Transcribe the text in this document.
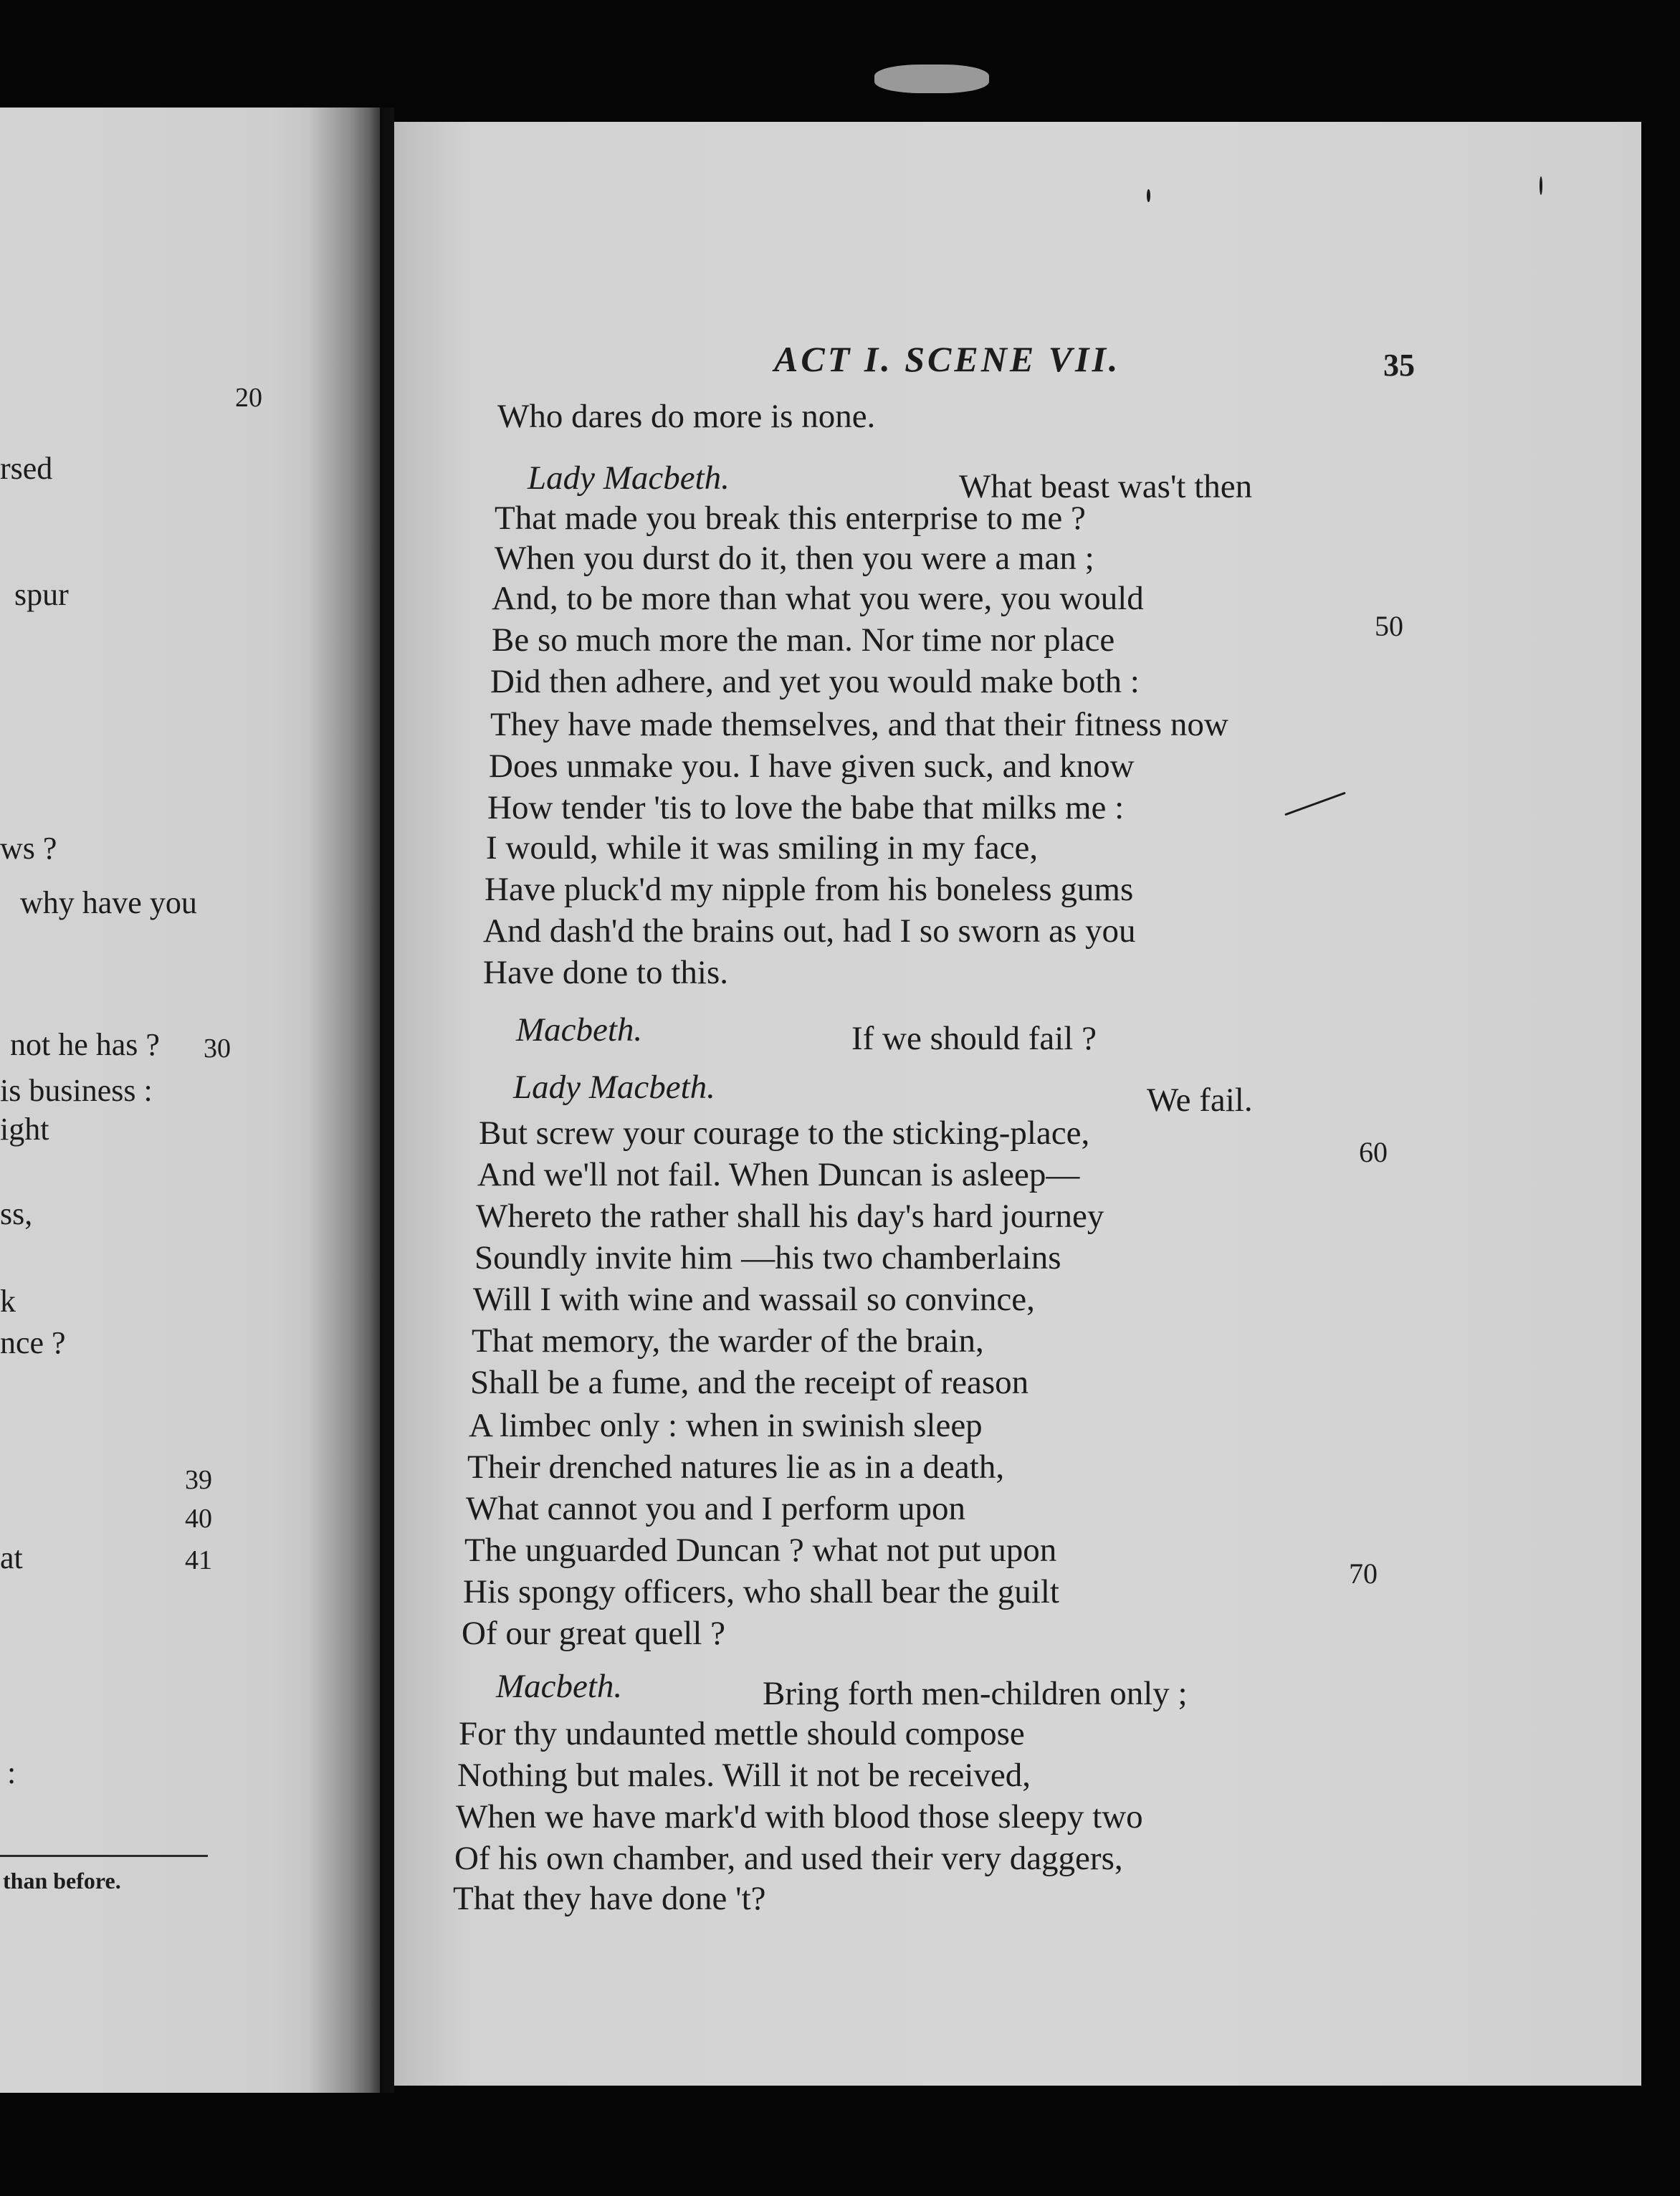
20
rsed
spur
ws ?
why have you
not he has ? 30
is business :
ight
ss,
k
nce ?
39
40
at	41
:
than before.
ACT I. SCENE VII.	35
Who dares do more is none.
Lady Macbeth.	What beast was't then
That made you break this enterprise to me ?
When you durst do it, then you were a man ;
And, to be more than what you were, you would
Be so much more the man. Nor time nor place
Did then adhere, and yet you would make both :
They have made themselves, and that their fitness now
Does unmake you. I have given suck, and know
How tender 'tis to love the babe that milks me :
I would, while it was smiling in my face,
Have pluck'd my nipple from his boneless gums
And dash'd the brains out, had I so sworn as you
Have done to this.
Macbeth.	If we should fail ?
Lady Macbeth.	We fail.
But screw your courage to the sticking-place,
And we'll not fail. When Duncan is asleep—
Whereto the rather shall his day's hard journey
Soundly invite him —his two chamberlains
Will I with wine and wassail so convince,
That memory, the warder of the brain,
Shall be a fume, and the receipt of reason
A limbec only : when in swinish sleep
Their drenched natures lie as in a death,
What cannot you and I perform upon
The unguarded Duncan ? what not put upon
His spongy officers, who shall bear the guilt
Of our great quell ?
Macbeth.	Bring forth men-children only ;
For thy undaunted mettle should compose
Nothing but males. Will it not be received,
When we have mark'd with blood those sleepy two
Of his own chamber, and used their very daggers,
That they have done 't?
50
60
70
